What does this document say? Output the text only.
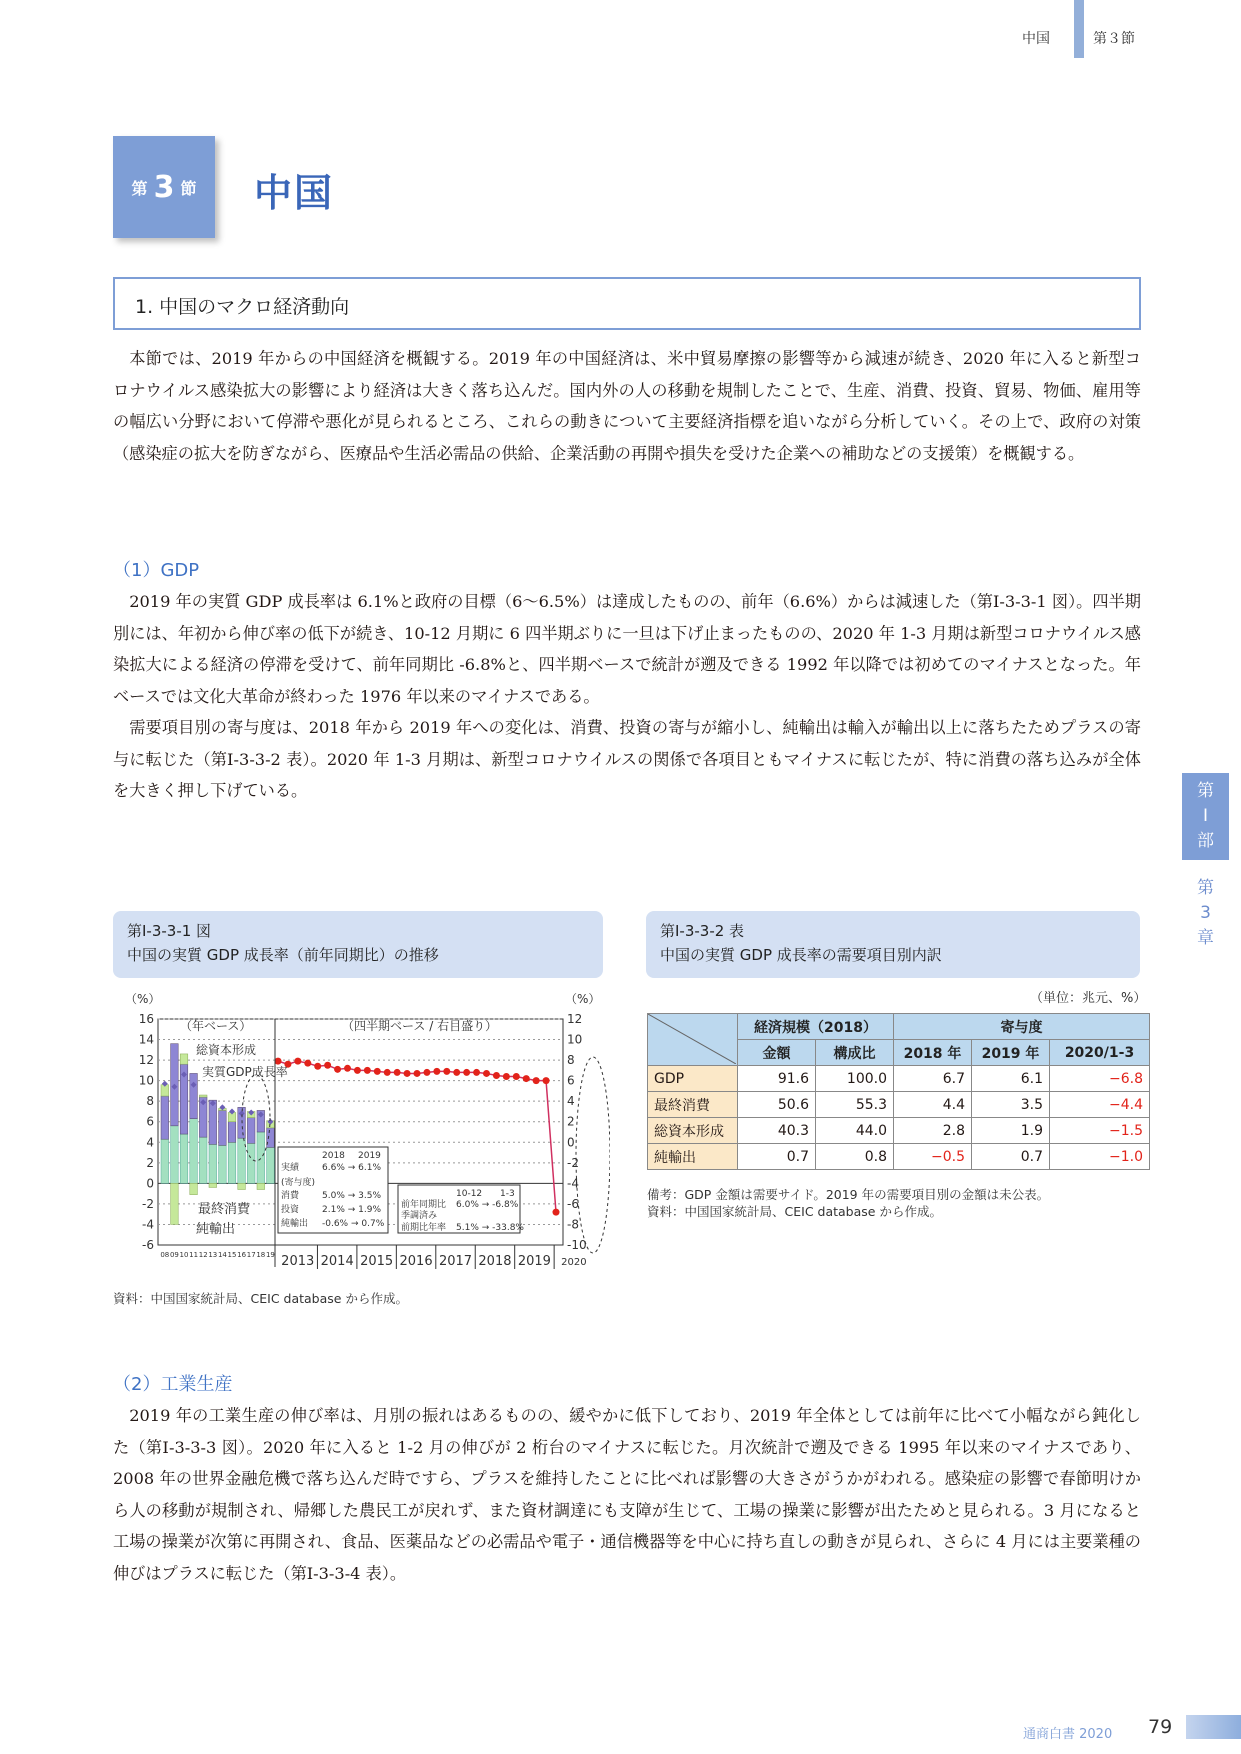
中国	第３節
第 3 節 中国
1. 中国のマクロ経済動向

本節では、2019 年からの中国経済を概観する。2019 年の中国経済は、米中貿易摩擦の影響等から減速が続き、2020 年に入ると新型コロナウイルス感染拡大の影響により経済は大きく落ち込んだ。国内外の人の移動を規制したことで、生産、消費、投資、貿易、物価、雇用等の幅広い分野において停滞や悪化が見られるところ、これらの動きについて主要経済指標を追いながら分析していく。その上で、政府の対策（感染症の拡大を防ぎながら、医療品や生活必需品の供給、企業活動の再開や損失を受けた企業への補助などの支援策）を概観する。

（1）GDP

2019 年の実質 GDP 成長率は 6.1%と政府の目標（6～6.5%）は達成したものの、前年（6.6%）からは減速した（第Ⅰ-3-3-1 図）。四半期別には、年初から伸び率の低下が続き、10-12 月期に 6 四半期ぶりに一旦は下げ止まったものの、2020 年 1-3 月期は新型コロナウイルス感染拡大による経済の停滞を受けて、前年同期比 -6.8%と、四半期ベースで統計が遡及できる 1992 年以降では初めてのマイナスとなった。年ベースでは文化大革命が終わった 1976 年以来のマイナスである。

需要項目別の寄与度は、2018 年から 2019 年への変化は、消費、投資の寄与が縮小し、純輸出は輸入が輸出以上に落ちたためプラスの寄与に転じた（第Ⅰ-3-3-2 表）。2020 年 1-3 月期は、新型コロナウイルスの関係で各項目ともマイナスに転じたが、特に消費の落ち込みが全体を大きく押し下げている。	第
Ⅰ
部
第
3
章
第Ⅰ-3-3-1 図
中国の実質 GDP 成長率（前年同期比）の推移
（%）	（%）
16
14
12
10
8
6
4
2
0
-2
-4
-6
12
10
8
6
4
2
0
-2
-4
-6
-8
-10
（年ベース）	（四半期ベース / 右目盛り）
総資本形成
実質GDP成長率
最終消費
純輸出
2018 2019
実績	6.6% → 6.1%
(寄与度)
消費	5.0% → 3.5%
投資	2.1% → 1.9%
純輸出 -0.6% → 0.7%
10-12 1-3
前年同期比 6.0% → -6.8%
季調済み
前期比年率 5.1% → -33.8%
08 09 10 11 12 13 14 15 16 17 18 19 2013 2014 2015 2016 2017 2018 2019 2020
資料：中国国家統計局、CEIC database から作成。
第Ⅰ-3-3-2 表
中国の実質 GDP 成長率の需要項目別内訳
（単位：兆元、%）
	経済規模（2018）		寄与度		
	金額	構成比	2018 年	2019 年	2020/1-3
GDP	91.6	100.0	6.7	6.1	−6.8
最終消費	50.6	55.3	4.4	3.5	−4.4
総資本形成	40.3	44.0	2.8	1.9	−1.5
純輸出	0.7	0.8	−0.5	0.7	−1.0
備考：GDP 金額は需要サイド。2019 年の需要項目別の金額は未公表。
資料：中国国家統計局、CEIC database から作成。
（2）工業生産

2019 年の工業生産の伸び率は、月別の振れはあるものの、緩やかに低下しており、2019 年全体としては前年に比べて小幅ながら鈍化した（第Ⅰ-3-3-3 図）。2020 年に入ると 1-2 月の伸びが 2 桁台のマイナスに転じた。月次統計で遡及できる 1995 年以来のマイナスであり、2008 年の世界金融危機で落ち込んだ時ですら、プラスを維持したことに比べれば影響の大きさがうかがわれる。感染症の影響で春節明けから人の移動が規制され、帰郷した農民工が戻れず、また資材調達にも支障が生じて、工場の操業に影響が出たためと見られる。3 月になると工場の操業が次第に再開され、食品、医薬品などの必需品や電子・通信機器等を中心に持ち直しの動きが見られ、さらに 4 月には主要業種の伸びはプラスに転じた（第Ⅰ-3-3-4 表）。

通商白書 2020 79
